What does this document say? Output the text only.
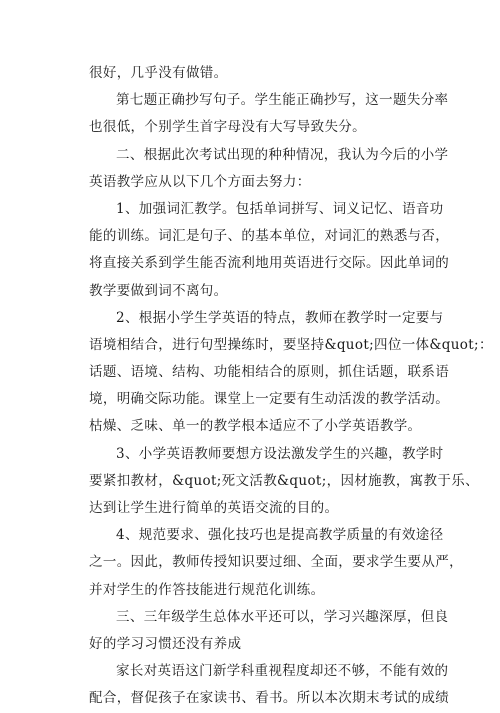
很好，几乎没有做错。
第七题正确抄写句子。学生能正确抄写，这一题失分率
也很低，个别学生首字母没有大写导致失分。
二、根据此次考试出现的种种情况，我认为今后的小学
英语教学应从以下几个方面去努力：
1、加强词汇教学。包括单词拼写、词义记忆、语音功
能的训练。词汇是句子、的基本单位，对词汇的熟悉与否，
将直接关系到学生能否流利地用英语进行交际。因此单词的
教学要做到词不离句。
2、根据小学生学英语的特点，教师在教学时一定要与
语境相结合，进行句型操练时，要坚持&quot;四位一体&quot;：
话题、语境、结构、功能相结合的原则，抓住话题，联系语
境，明确交际功能。课堂上一定要有生动活泼的教学活动。
枯燥、乏味、单一的教学根本适应不了小学英语教学。
3、小学英语教师要想方设法激发学生的兴趣，教学时
要紧扣教材，&quot;死文活教&quot;，因材施教，寓教于乐、
达到让学生进行简单的英语交流的目的。
4、规范要求、强化技巧也是提高教学质量的有效途径
之一。因此，教师传授知识要过细、全面，要求学生要从严，
并对学生的作答技能进行规范化训练。
三、三年级学生总体水平还可以，学习兴趣深厚，但良
好的学习习惯还没有养成
家长对英语这门新学科重视程度却还不够，不能有效的
配合，督促孩子在家读书、看书。所以本次期末考试的成绩
